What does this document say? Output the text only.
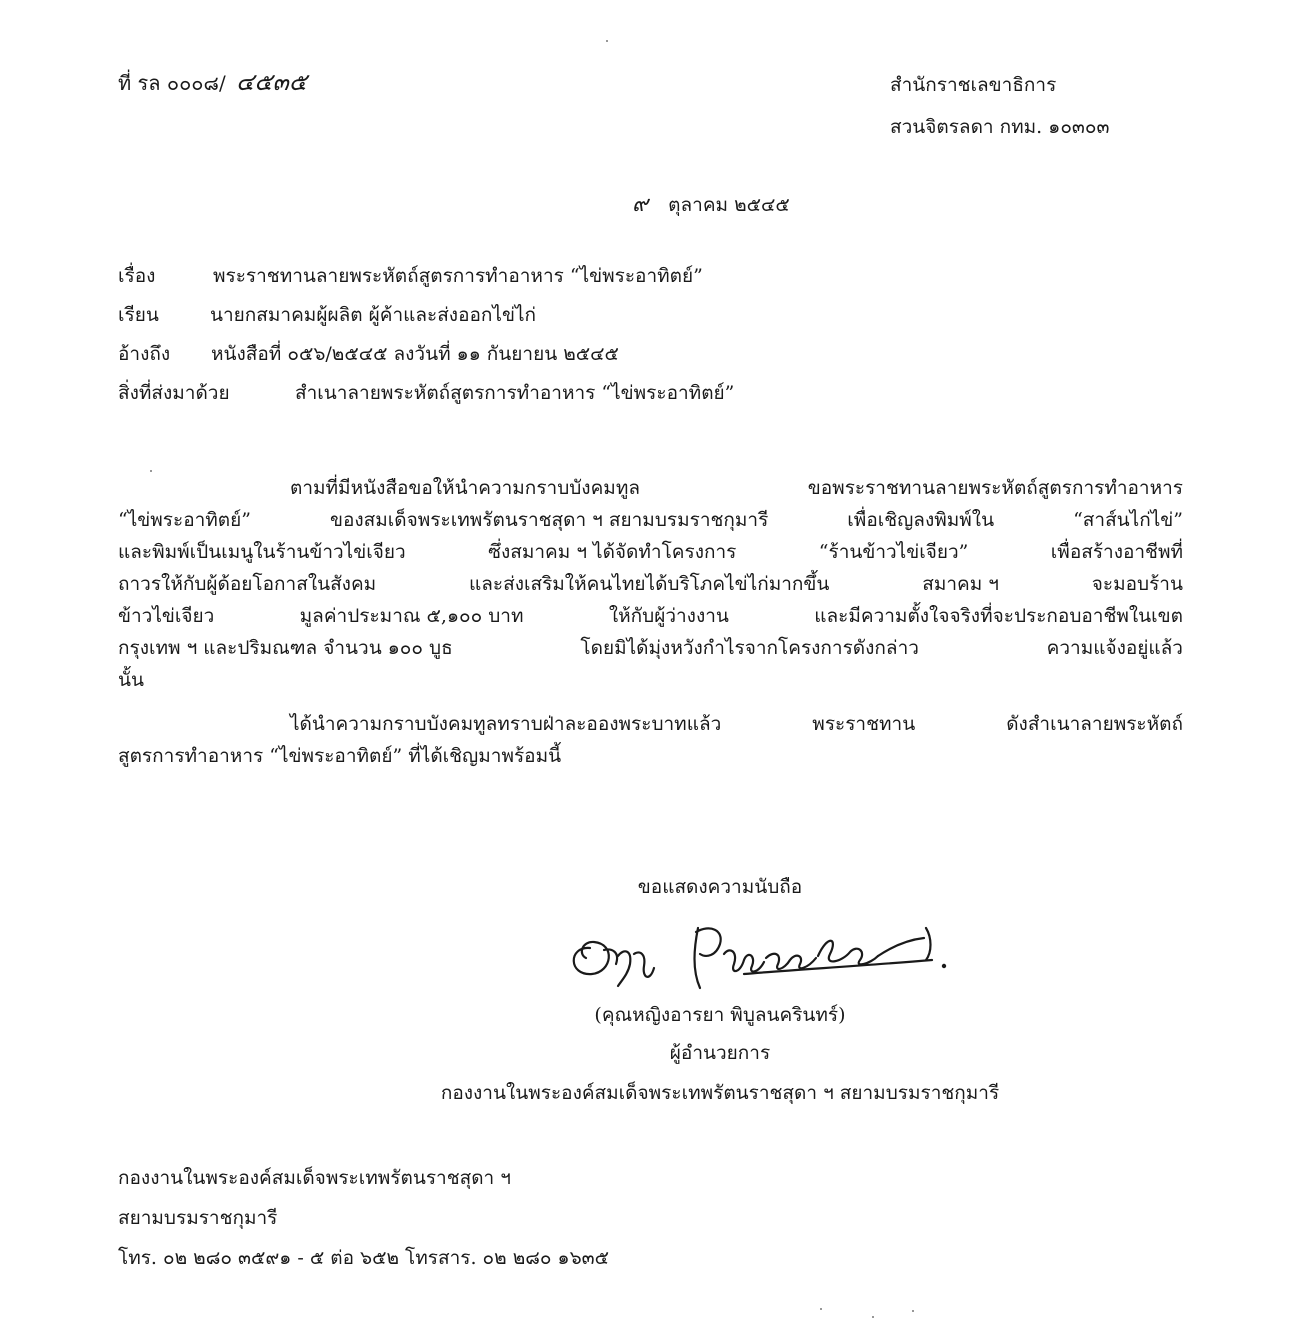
ที่ รล ๐๐๐๘/ ๔๕๓๕	สำนักราชเลขาธิการ
สวนจิตรลดา กทม. ๑๐๓๐๓
๙ ตุลาคม ๒๕๔๕
เรื่อง	พระราชทานลายพระหัตถ์สูตรการทำอาหาร “ไข่พระอาทิตย์”
เรียน	นายกสมาคมผู้ผลิต ผู้ค้าและส่งออกไข่ไก่
อ้างถึง	หนังสือที่ ๐๕๖/๒๕๔๕ ลงวันที่ ๑๑ กันยายน ๒๕๔๕
สิ่งที่ส่งมาด้วย	สำเนาลายพระหัตถ์สูตรการทำอาหาร “ไข่พระอาทิตย์”
ตามที่มีหนังสือขอให้นำความกราบบังคมทูล	ขอพระราชทานลายพระหัตถ์สูตรการทำอาหาร
“ไข่พระอาทิตย์”	ของสมเด็จพระเทพรัตนราชสุดา ฯ สยามบรมราชกุมารี	เพื่อเชิญลงพิมพ์ใน	“สาส์นไก่ไข่”
และพิมพ์เป็นเมนูในร้านข้าวไข่เจียว	ซึ่งสมาคม ฯ ได้จัดทำโครงการ	“ร้านข้าวไข่เจียว”	เพื่อสร้างอาชีพที่
ถาวรให้กับผู้ด้อยโอกาสในสังคม	และส่งเสริมให้คนไทยได้บริโภคไข่ไก่มากขึ้น	สมาคม ฯ	จะมอบร้าน
ข้าวไข่เจียว	มูลค่าประมาณ ๕,๑๐๐ บาท	ให้กับผู้ว่างงาน	และมีความตั้งใจจริงที่จะประกอบอาชีพในเขต
กรุงเทพ ฯ และปริมณฑล จำนวน ๑๐๐ บูธ	โดยมิได้มุ่งหวังกำไรจากโครงการดังกล่าว	ความแจ้งอยู่แล้ว
นั้น
ได้นำความกราบบังคมทูลทราบฝ่าละอองพระบาทแล้ว	พระราชทาน	ดังสำเนาลายพระหัตถ์
สูตรการทำอาหาร “ไข่พระอาทิตย์” ที่ได้เชิญมาพร้อมนี้
ขอแสดงความนับถือ
(คุณหญิงอารยา พิบูลนครินทร์)
ผู้อำนวยการ
กองงานในพระองค์สมเด็จพระเทพรัตนราชสุดา ฯ สยามบรมราชกุมารี
กองงานในพระองค์สมเด็จพระเทพรัตนราชสุดา ฯ
สยามบรมราชกุมารี
โทร. ๐๒ ๒๘๐ ๓๕๙๑ - ๕ ต่อ ๖๕๒ โทรสาร. ๐๒ ๒๘๐ ๑๖๓๕
